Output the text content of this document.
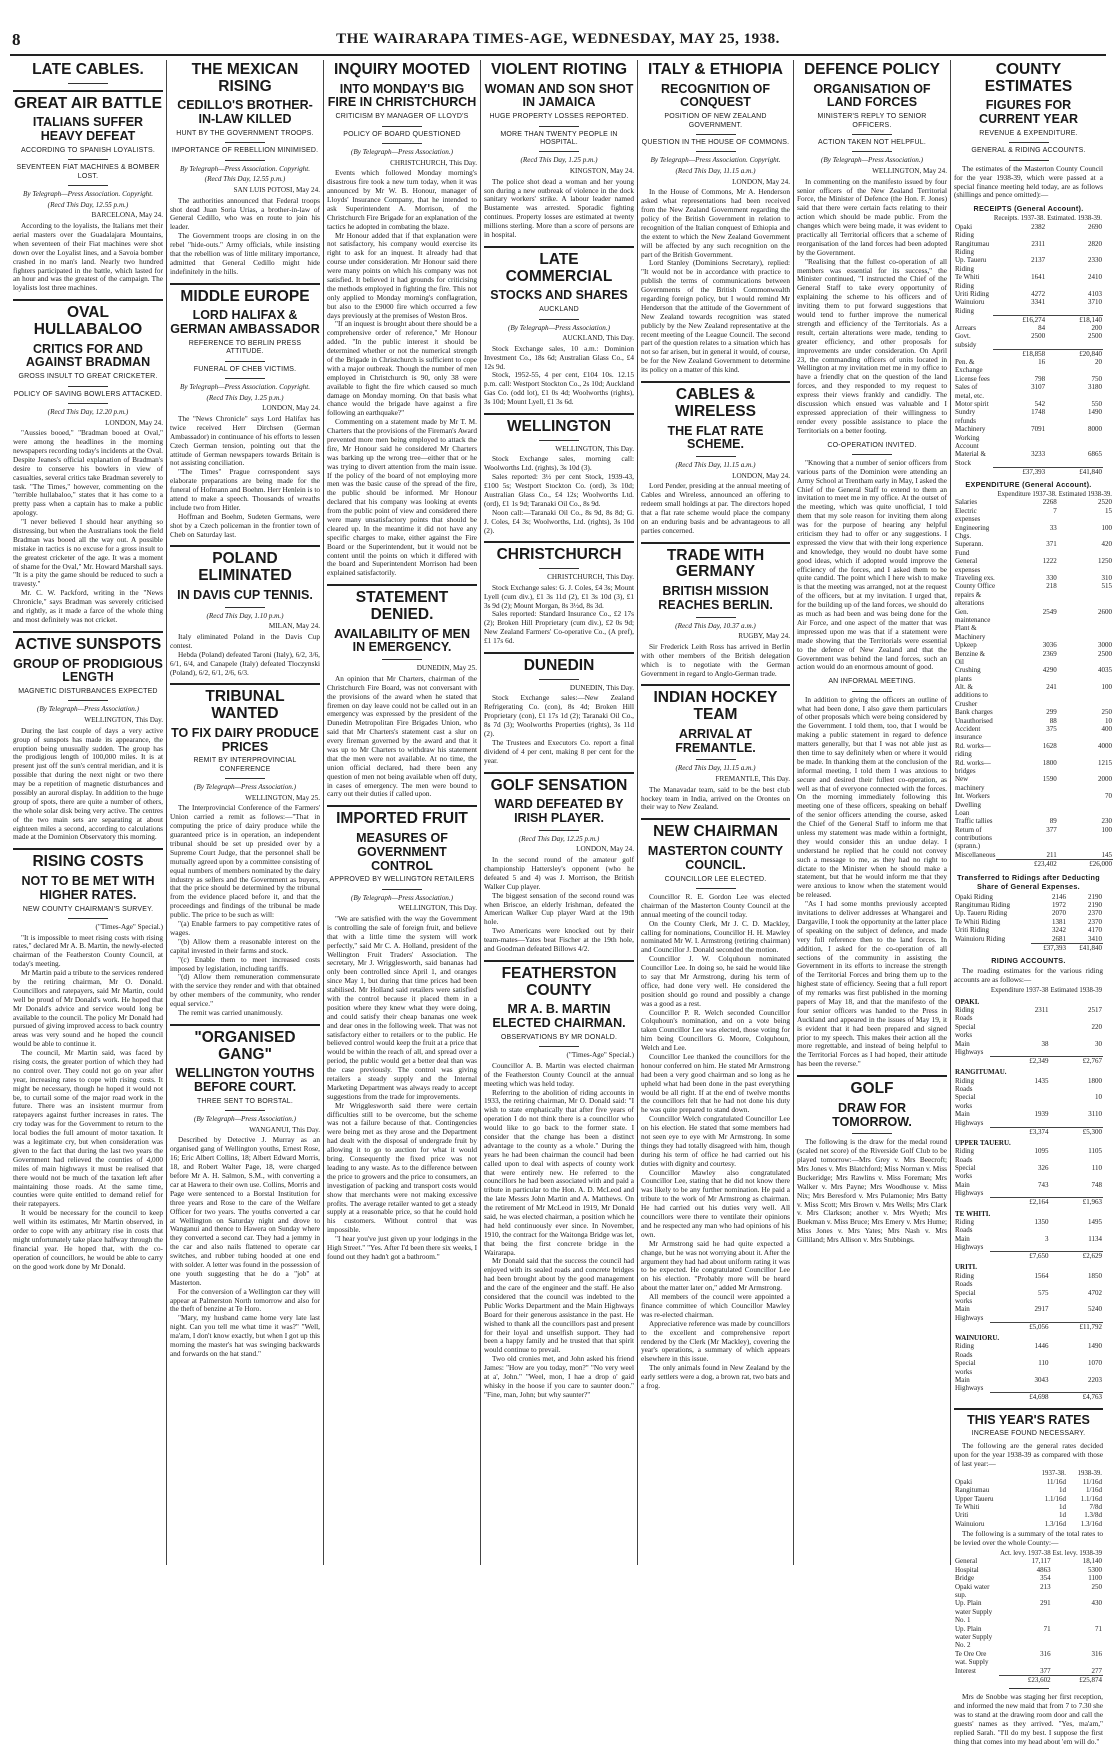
8	THE WAIRARAPA TIMES-AGE, WEDNESDAY, MAY 25, 1938.
LATE CABLES.
GREAT AIR BATTLE
ITALIANS SUFFER HEAVY DEFEAT
ACCORDING TO SPANISH LOYALISTS.
SEVENTEEN FIAT MACHINES & BOMBER LOST.
By Telegraph—Press Association. Copyright.
(Recd This Day, 12.55 p.m.)
BARCELONA, May 24.

According to the loyalists, the Italians met their aerial masters over the Guadalajara Mountains, when seventeen of their Fiat machines were shot down over the Loyalist lines, and a Savoia bomber crashed in no man's land. Nearly two hundred fighters participated in the battle, which lasted for an hour and was the greatest of the campaign. The loyalists lost three machines.

OVAL HULLABALOO
CRITICS FOR AND AGAINST BRADMAN
GROSS INSULT TO GREAT CRICKETER.
POLICY OF SAVING BOWLERS ATTACKED.
(Recd This Day, 12.20 p.m.)
LONDON, May 24.

"Aussies booed," "Bradman booed at Oval," were among the headlines in the morning newspapers recording today's incidents at the Oval. Despite Jeanes's official explanation of Bradman's desire to conserve his bowlers in view of casualties, several critics take Bradman severely to task. "The Times," however, commenting on the "terrible hullabaloo," states that it has come to a pretty pass when a captain has to make a public apology.

"I never believed I should hear anything so distressing, but when the Australians took the field Bradman was booed all the way out. A possible mistake in tactics is no excuse for a gross insult to the greatest cricketer of the age. It was a moment of shame for the Oval," Mr. Howard Marshall says. "It is a pity the game should be reduced to such a travesty."

Mr. C. W. Packford, writing in the "News Chronicle," says Bradman was severely criticised and rightly, as it made a farce of the whole thing and most definitely was not cricket.

ACTIVE SUNSPOTS
GROUP OF PRODIGIOUS LENGTH
MAGNETIC DISTURBANCES EXPECTED
(By Telegraph—Press Association.)
WELLINGTON, This Day.

During the last couple of days a very active group of sunspots has made its appearance, the eruption being unusually sudden. The group has the prodigious length of 100,000 miles. It is at present just off the sun's central meridian, and it is possible that during the next night or two there may be a repetition of magnetic disturbances and possibly an auroral display. In addition to the huge group of spots, there are quite a number of others, the whole solar disk being very active. The centres of the two main sets are separating at about eighteen miles a second, according to calculations made at the Dominion Observatory this morning.

RISING COSTS
NOT TO BE MET WITH HIGHER RATES.
NEW COUNTY CHAIRMAN'S SURVEY.
("Times-Age" Special.)

"It is impossible to meet rising costs with rising rates," declared Mr A. B. Martin, the newly-elected chairman of the Featherston County Council, at today's meeting.

Mr Martin paid a tribute to the services rendered by the retiring chairman, Mr O. Donald. Councillors and ratepayers, said Mr Martin, could well be proud of Mr Donald's work. He hoped that Mr Donald's advice and service would long be available to the council. The policy Mr Donald had pursued of giving improved access to back country areas was very sound and he hoped the council would be able to continue it.

The council, Mr Martin said, was faced by rising costs, the greater portion of which they had no control over. They could not go on year after year, increasing rates to cope with rising costs. It might be necessary, though he hoped it would not be, to curtail some of the major road work in the future. There was an insistent murmur from ratepayers against further increases in rates. The cry today was for the Government to return to the local bodies the full amount of motor taxation. It was a legitimate cry, but when consideration was given to the fact that during the last two years the Government had relieved the counties of 4,000 miles of main highways it must be realised that there would not be much of the taxation left after maintaining those roads. At the same time, counties were quite entitled to demand relief for their ratepayers.

It would be necessary for the council to keep well within its estimates, Mr Martin observed, in order to cope with any arbitrary rise in costs that might unfortunately take place halfway through the financial year. He hoped that, with the co-operation of councillors, he would be able to carry on the good work done by Mr Donald.

THE MEXICAN RISING
CEDILLO'S BROTHER-IN-LAW KILLED
HUNT BY THE GOVERNMENT TROOPS.
IMPORTANCE OF REBELLION MINIMISED.
By Telegraph—Press Association. Copyright.
(Recd This Day, 12.55 p.m.)
SAN LUIS POTOSI, May 24.

The authorities announced that Federal troops shot dead Juan Soria Urias, a brother-in-law of General Cedillo, who was en route to join his leader.

The Government troops are closing in on the rebel "hide-outs." Army officials, while insisting that the rebellion was of little military importance, admitted that General Cedillo might hide indefinitely in the hills.

MIDDLE EUROPE
LORD HALIFAX & GERMAN AMBASSADOR
REFERENCE TO BERLIN PRESS ATTITUDE.
FUNERAL OF CHEB VICTIMS.
By Telegraph—Press Association. Copyright.
(Recd This Day, 1.25 p.m.)
LONDON, May 24.

The "News Chronicle" says Lord Halifax has twice received Herr Dirchsen (German Ambassador) in continuance of his efforts to lessen Czech German tension, pointing out that the attitude of German newspapers towards Britain is not assisting conciliation.

"The Times" Prague correspondent says elaborate preparations are being made for the funeral of Hofmann and Boehm. Herr Henlein is to attend to make a speech. Thousands of wreaths include two from Hitler.

Hoffman and Boehm, Sudeten Germans, were shot by a Czech policeman in the frontier town of Cheb on Saturday last.

POLAND ELIMINATED
IN DAVIS CUP TENNIS.
(Recd This Day, 1.10 p.m.)
MILAN, May 24.

Italy eliminated Poland in the Davis Cup contest.

Hebda (Poland) defeated Taroni (Italy), 6/2, 3/6, 6/1, 6/4, and Canapele (Italy) defeated Tloczynski (Poland), 6/2, 6/1, 2/6, 6/3.

TRIBUNAL WANTED
TO FIX DAIRY PRODUCE PRICES
REMIT BY INTERPROVINCIAL CONFERENCE
(By Telegraph—Press Association.)
WELLINGTON, May 25.

The Interprovincial Conference of the Farmers' Union carried a remit as follows:—"That in computing the price of dairy produce while the guaranteed price is in operation, an independent tribunal should be set up presided over by a Supreme Court Judge, that the personnel shall be mutually agreed upon by a committee consisting of equal numbers of members nominated by the dairy industry as sellers and the Government as buyers, that the price should be determined by the tribunal from the evidence placed before it, and that the proceedings and findings of the tribunal be made public. The price to be such as will:

"(a) Enable farmers to pay competitive rates of wages.

"(b) Allow them a reasonable interest on the capital invested in their farms and stock.

"(c) Enable them to meet increased costs imposed by legislation, including tariffs.

"(d) Allow them remuneration commensurate with the service they render and with that obtained by other members of the community, who render equal service."

The remit was carried unanimously.

"ORGANISED GANG"
WELLINGTON YOUTHS BEFORE COURT.
THREE SENT TO BORSTAL.
(By Telegraph—Press Association.)
WANGANUI, This Day.

Described by Detective J. Murray as an organised gang of Wellington youths, Ernest Rose, 16; Eric Albert Collins, 18; Albert Edward Morris, 18, and Robert Walter Page, 18, were charged before Mr A. H. Salmon, S.M., with converting a car at Hawera to their own use. Collins, Morris and Page were sentenced to a Borstal Institution for three years and Rose to the care of the Welfare Officer for two years. The youths converted a car at Wellington on Saturday night and drove to Wanganui and thence to Hawera on Sunday where they converted a second car. They had a jemmy in the car and also nails flattened to operate car switches, and rubber tubing hooded at one end with solder. A letter was found in the possession of one youth suggesting that he do a "job" at Masterton.

For the conversion of a Wellington car they will appear at Palmerston North tomorrow and also for the theft of benzine at Te Horo.

"Mary, my husband came home very late last night. Can you tell me what time it was?" "Well, ma'am, I don't know exactly, but when I got up this morning the master's hat was swinging backwards and forwards on the hat stand."

INQUIRY MOOTED
INTO MONDAY'S BIG FIRE IN CHRISTCHURCH
CRITICISM BY MANAGER OF LLOYD'S
POLICY OF BOARD QUESTIONED
(By Telegraph—Press Association.)
CHRISTCHURCH, This Day.

Events which followed Monday morning's disastrous fire took a new turn today, when it was announced by Mr W. B. Honour, manager of Lloyds' Insurance Company, that he intended to ask Superintendent A. Morrison, of the Christchurch Fire Brigade for an explanation of the tactics he adopted in combating the blaze.

Mr Honour added that if that explanation were not satisfactory, his company would exercise its right to ask for an inquest. It already had that course under consideration. Mr Honour said there were many points on which his company was not satisfied. It believed it had grounds for criticising the methods employed in fighting the fire. This not only applied to Monday morning's conflagration, but also to the £9000 fire which occurred a few days previously at the premises of Weston Bros.

"If an inquest is brought about there should be a comprehensive order of reference," Mr Honour added. "In the public interest it should be determined whether or not the numerical strength of the Brigade in Christchurch is sufficient to cope with a major outbreak. Though the number of men employed in Christchurch is 90, only 38 were available to fight the fire which caused so much damage on Monday morning. On that basis what chance would the brigade have against a fire following an earthquake?"

Commenting on a statement made by Mr T. M. Charters that the provisions of the Fireman's Award prevented more men being employed to attack the fire, Mr Honour said he considered Mr Charters was barking up the wrong tree—either that or he was trying to divert attention from the main issue. If the policy of the board of not employing more men was the basic cause of the spread of the fire, the public should be informed. Mr Honour declared that his company was looking at events from the public point of view and considered there were many unsatisfactory points that should be cleared up. In the meantime it did not have any specific charges to make, either against the Fire Board or the Superintendent, but it would not be content until the points on which it differed with the board and Superintendent Morrison had been explained satisfactorily.

STATEMENT DENIED.
AVAILABILITY OF MEN IN EMERGENCY.
DUNEDIN, May 25.

An opinion that Mr Charters, chairman of the Christchurch Fire Board, was not conversant with the provisions of the award when he stated that firemen on day leave could not be called out in an emergency was expressed by the president of the Dunedin Metropolitan Fire Brigades Union, who said that Mr Charters's statement cast a slur on every fireman governed by the award and that it was up to Mr Charters to withdraw his statement that the men were not available. At no time, the union official declared, had there been any question of men not being available when off duty, in cases of emergency. The men were bound to carry out their duties if called upon.

IMPORTED FRUIT
MEASURES OF GOVERNMENT CONTROL
APPROVED BY WELLINGTON RETAILERS
(By Telegraph—Press Association.)
WELLINGTON, This Day.

"We are satisfied with the way the Government is controlling the sale of foreign fruit, and believe that with a little time the system will work perfectly," said Mr C. A. Holland, president of the Wellington Fruit Traders' Association. The secretary, Mr J. Wrigglesworth, said bananas had only been controlled since April 1, and oranges since May 1, but during that time prices had been stabilised. Mr Holland said retailers were satisfied with the control because it placed them in a position where they knew what they were doing, and could satisfy their cheap bananas one week and dear ones in the following week. That was not satisfactory either to retailers or to the public. He believed control would keep the fruit at a price that would be within the reach of all, and spread over a period, the public would get a better deal than was the case previously. The control was giving retailers a steady supply and the Internal Marketing Department was always ready to accept suggestions from the trade for improvements.

Mr Wrigglesworth said there were certain difficulties still to be overcome, but the scheme was not a failure because of that. Contingencies were being met as they arose and the Department had dealt with the disposal of undergrade fruit by allowing it to go to auction for what it would bring. Consequently the fixed price was not leading to any waste. As to the difference between the price to growers and the price to consumers, an investigation of packing and transport costs would show that merchants were not making excessive profits. The average retailer wanted to get a steady supply at a reasonable price, so that he could hold his customers. Without control that was impossible.

"I hear you've just given up your lodgings in the High Street." "Yes. After I'd been there six weeks, I found out they hadn't got a bathroom."

VIOLENT RIOTING
WOMAN AND SON SHOT IN JAMAICA
HUGE PROPERTY LOSSES REPORTED.
MORE THAN TWENTY PEOPLE IN HOSPITAL.
(Recd This Day, 1.25 p.m.)
KINGSTON, May 24.

The police shot dead a woman and her young son during a new outbreak of violence in the dock sanitary workers' strike. A labour leader named Bustamente was arrested. Sporadic fighting continues. Property losses are estimated at twenty millions sterling. More than a score of persons are in hospital.

LATE COMMERCIAL
STOCKS AND SHARES
AUCKLAND
(By Telegraph—Press Association.)
AUCKLAND, This Day.

Stock Exchange sales, 10 a.m.: Dominion Investment Co., 18s 6d; Australian Glass Co., £4 12s 9d.

Stock, 1952-55, 4 per cent, £104 10s. 12.15 p.m. call: Westport Stockton Co., 2s 10d; Auckland Gas Co. (odd lot), £1 0s 4d; Woolworths (rights), 3s 10d; Mount Lyell, £1 3s 6d.

WELLINGTON
WELLINGTON, This Day.

Stock Exchange sales, morning call: Woolworths Ltd. (rights), 3s 10d (3).

Sales reported: 3½ per cent Stock, 1939-43, £100 5s; Westport Stockton Co. (ord), 3s 10d; Australian Glass Co., £4 12s; Woolworths Ltd. (ord), £1 1s 9d; Taranaki Oil Co., 8s 9d.

Noon call:—Taranaki Oil Co., 8s 9d, 8s 8d; G. J. Coles, £4 3s; Woolworths, Ltd. (rights), 3s 10d (2).

CHRISTCHURCH
CHRISTCHURCH, This Day.

Stock Exchange sales: G. J. Coles, £4 3s; Mount Lyell (cum div.), £1 3s 11d (2), £1 3s 10d (3), £1 3s 9d (2); Mount Morgan, 8s 3½d, 8s 3d.

Sales reported: Standard Insurance Co., £2 17s (2); Broken Hill Proprietary (cum div.), £2 0s 9d; New Zealand Farmers' Co-operative Co., (A pref), £1 17s 6d.

DUNEDIN
DUNEDIN, This Day.

Stock Exchange sales:—New Zealand Refrigerating Co. (con), 8s 4d; Broken Hill Proprietary (con), £1 17s 1d (2); Taranaki Oil Co., 8s 7d (3); Woolworths Properties (rights), 3s 11d (2).

The Trustees and Executors Co. report a final dividend of 4 per cent, making 8 per cent for the year.

GOLF SENSATION
WARD DEFEATED BY IRISH PLAYER.
(Recd This Day, 12.25 p.m.)
LONDON, May 24.

In the second round of the amateur golf championship Hattersley's opponent (who he defeated 5 and 4) was J. Morrison, the British Walker Cup player.

The biggest sensation of the second round was when Briscoe, an elderly Irishman, defeated the American Walker Cup player Ward at the 19th hole.

Two Americans were knocked out by their team-mates—Yates beat Fischer at the 19th hole, and Goodman defeated Billows 4/2.

FEATHERSTON COUNTY
MR A. B. MARTIN ELECTED CHAIRMAN.
OBSERVATIONS BY MR DONALD.
("Times-Age" Special.)

Councillor A. B. Martin was elected chairman of the Featherston County Council at the annual meeting which was held today.

Referring to the abolition of riding accounts in 1933, the retiring chairman, Mr O. Donald said: "I wish to state emphatically that after five years of operation I do not think there is a councillor who would like to go back to the former state. I consider that the change has been a distinct advantage to the county as a whole." During the years he had been chairman the council had been called upon to deal with aspects of county work that were entirely new. He referred to the councillors he had been associated with and paid a tribute in particular to the Hon. A. D. McLeod and the late Messrs John Martin and A. Matthews. On the retirement of Mr McLeod in 1919, Mr Donald said, he was elected chairman, a position which he had held continuously ever since. In November, 1910, the contract for the Waitonga Bridge was let, that being the first concrete bridge in the Wairarapa.

Mr Donald said that the success the council had enjoyed with its sealed roads and concrete bridges had been brought about by the good management and the care of the engineer and the staff. He also considered that the council was indebted to the Public Works Department and the Main Highways Board for their generous assistance in the past. He wished to thank all the councillors past and present for their loyal and unselfish support. They had been a happy family and he trusted that that spirit would continue to prevail.

Two old cronies met, and John asked his friend James: "How are you today, mon?" "No very weel at a', John." "Weel, mon, I hae a drop o' gaid whisky in the hoose if you care to saunter doon." "Fine, man, John; but why saunter?"

ITALY & ETHIOPIA
RECOGNITION OF CONQUEST
POSITION OF NEW ZEALAND GOVERNMENT.
QUESTION IN THE HOUSE OF COMMONS.
By Telegraph—Press Association. Copyright.
(Recd This Day, 11.15 a.m.)
LONDON, May 24.

In the House of Commons, Mr A. Henderson asked what representations had been received from the New Zealand Government regarding the policy of the British Government in relation to recognition of the Italian conquest of Ethiopia and the extent to which the New Zealand Government will be affected by any such recognition on the part of the British Government.

Lord Stanley (Dominions Secretary), replied: "It would not be in accordance with practice to publish the terms of communications between Governments of the British Commonwealth regarding foreign policy, but I would remind Mr Henderson that the attitude of the Government of New Zealand towards recognition was stated publicly by the New Zealand representative at the recent meeting of the League Council. The second part of the question relates to a situation which has not so far arisen, but in general it would, of course, be for the New Zealand Government to determine its policy on a matter of this kind.

CABLES & WIRELESS
THE FLAT RATE SCHEME.
(Recd This Day, 11.15 a.m.)
LONDON, May 24.

Lord Pender, presiding at the annual meeting of Cables and Wireless, announced an offering to redeem small holdings at par. The directors hoped that a flat rate scheme would place the company on an enduring basis and be advantageous to all parties concerned.

TRADE WITH GERMANY
BRITISH MISSION REACHES BERLIN.
(Recd This Day, 10.37 a.m.)
RUGBY, May 24.

Sir Frederick Leith Ross has arrived in Berlin with other members of the British delegation which is to negotiate with the German Government in regard to Anglo-German trade.

INDIAN HOCKEY TEAM
ARRIVAL AT FREMANTLE.
(Recd This Day, 11.15 a.m.)
FREMANTLE, This Day.

The Manavadar team, said to be the best club hockey team in India, arrived on the Orontes on their way to New Zealand.

NEW CHAIRMAN
MASTERTON COUNTY COUNCIL.
COUNCILLOR LEE ELECTED.

Councillor R. E. Gordon Lee was elected chairman of the Masterton County Council at the annual meeting of the council today.

On the County Clerk, Mr J. C. D. Mackley, calling for nominations, Councillor H. H. Mawley nominated Mr W. I. Armstrong (retiring chairman) and Councillor J. Donald seconded the motion.

Councillor J. W. Colquhoun nominated Councillor Lee. In doing so, he said he would like to say that Mr Armstrong, during his term of office, had done very well. He considered the position should go round and possibly a change was a good as a rest.

Councillor P. R. Welch seconded Councillor Colquhoun's nomination, and on a vote being taken Councillor Lee was elected, those voting for him being Councillors G. Moore, Colquhoun, Welch and Lee.

Councillor Lee thanked the councillors for the honour conferred on him. He stated Mr Armstrong had been a very good chairman and so long as he upheld what had been done in the past everything would be all right. If at the end of twelve months the councillors felt that he had not done his duty he was quite prepared to stand down.

Councillor Welch congratulated Councillor Lee on his election. He stated that some members had not seen eye to eye with Mr Armstrong. In some things they had totally disagreed with him, though during his term of office he had carried out his duties with dignity and courtesy.

Councillor Mawley also congratulated Councillor Lee, stating that he did not know there was likely to be any further nomination. He paid a tribute to the work of Mr Armstrong as chairman. He had carried out his duties very well. All councillors were there to ventilate their opinions and he respected any man who had opinions of his own.

Mr Armstrong said he had quite expected a change, but he was not worrying about it. After the argument they had had about uniform rating it was to be expected. He congratulated Councillor Lee on his election. "Probably more will be heard about the matter later on," added Mr Armstrong.

All members of the council were appointed a finance committee of which Councillor Mawley was re-elected chairman.

Appreciative reference was made by councillors to the excellent and comprehensive report rendered by the Clerk (Mr Mackley), covering the year's operations, a summary of which appears elsewhere in this issue.

The only animals found in New Zealand by the early settlers were a dog, a brown rat, two bats and a frog.

DEFENCE POLICY
ORGANISATION OF LAND FORCES
MINISTER'S REPLY TO SENIOR OFFICERS.
ACTION TAKEN NOT HELPFUL.
(By Telegraph—Press Association.)
WELLINGTON, May 24.

In commenting on the manifesto issued by four senior officers of the New Zealand Territorial Force, the Minister of Defence (the Hon. F. Jones) said that there were certain facts relating to their action which should be made public. From the changes which were being made, it was evident to practically all Territorial officers that a scheme of reorganisation of the land forces had been adopted by the Government.

"Realising that the fullest co-operation of all members was essential for its success," the Minister continued, "I instructed the Chief of the General Staff to take every opportunity of explaining the scheme to his officers and of inviting them to put forward suggestions that would tend to further improve the numerical strength and efficiency of the Territorials. As a result, certain alterations were made, tending to greater efficiency, and other proposals for improvements are under consideration. On April 23, the commanding officers of units located in Wellington at my invitation met me in my office to have a friendly chat on the question of the land forces, and they responded to my request to express their views frankly and candidly. The discussion which ensued was valuable and I expressed appreciation of their willingness to render every possible assistance to place the Territorials on a better footing.

CO-OPERATION INVITED.

"Knowing that a number of senior officers from various parts of the Dominion were attending an Army School at Trentham early in May, I asked the Chief of the General Staff to extend to them an invitation to meet me in my office. At the outset of the meeting, which was quite unofficial, I told them that my sole reason for inviting them along was for the purpose of hearing any helpful criticism they had to offer or any suggestions. I expressed the view that with their long experience and knowledge, they would no doubt have some good ideas, which if adopted would improve the efficiency of the forces, and I asked them to be quite candid. The point which I here wish to make is that the meeting was arranged, not at the request of the officers, but at my invitation. I urged that, for the building up of the land forces, we should do as much as had been and was being done for the Air Force, and one aspect of the matter that was impressed upon me was that if a statement were made showing that the Territorials were essential to the defence of New Zealand and that the Government was behind the land forces, such an action would do an enormous amount of good.

AN INFORMAL MEETING.

In addition to giving the officers an outline of what had been done, I also gave them particulars of other proposals which were being considered by the Government. I told them, too, that I would be making a public statement in regard to defence matters generally, but that I was not able just as then time to say definitely when or where it would be made. In thanking them at the conclusion of the informal meeting, I told them I was anxious to secure and desired their fullest co-operation, as well as that of everyone connected with the forces. On the morning immediately following this meeting one of these officers, speaking on behalf of the senior officers attending the course, asked the Chief of the General Staff to inform me that unless my statement was made within a fortnight, they would consider this an undue delay. I understand he replied that he could not convey such a message to me, as they had no right to dictate to the Minister when he should make a statement, but that he would inform me that they were anxious to know when the statement would be released.

"As I had some months previously accepted invitations to deliver addresses at Whangarei and Dargaville, I took the opportunity at the latter place of speaking on the subject of defence, and made very full reference then to the land forces. In addition, I asked for the co-operation of all sections of the community in assisting the Government in its efforts to increase the strength of the Territorial Forces and bring them up to the highest state of efficiency. Seeing that a full report of my remarks was first published in the morning papers of May 18, and that the manifesto of the four senior officers was handed to the Press in Auckland and appeared in the issues of May 19, it is evident that it had been prepared and signed prior to my speech. This makes their action all the more regrettable, and instead of being helpful to the Territorial Forces as I had hoped, their attitude has been the reverse."

GOLF
DRAW FOR TOMORROW.

The following is the draw for the medal round (scaled net score) of the Riverside Golf Club to be played tomorrow:—Mrs Grey v. Mrs Beecroft; Mrs Jones v. Mrs Blatchford; Miss Norman v. Miss Buckeridge; Mrs Rawlins v. Miss Foreman; Mrs Walker v. Mrs Payne; Mrs Woodhouse v. Miss Nix; Mrs Beresford v. Mrs Pulamonie; Mrs Batty v. Miss Scott; Mrs Brown v. Mrs Wells; Mrs Clark v. Mrs Clarkson; another v. Mrs Wyeth; Mrs Buekman v. Miss Bruce; Mrs Emery v. Mrs Hume; Miss Jones v. Mrs Yates; Mrs Nash v. Mrs Gilliland; Mrs Allison v. Mrs Stubbings.

COUNTY ESTIMATES
FIGURES FOR CURRENT YEAR
REVENUE & EXPENDITURE.
GENERAL & RIDING ACCOUNTS.

The estimates of the Masterton County Council for the year 1938-39, which were passed at a special finance meeting held today, are as follows (shillings and pence omitted):—

RECEIPTS (General Account).
	Receipts. 1937-38.	Estimated. 1938-39.
Opaki Riding	2382	2690
Rangitumau Riding	2311	2820
Up. Taueru Riding	2137	2330
Te Whiti Riding	1641	2410
Uriti Riding	4272	4103
Wainuioru Riding	3341	3710
	£16,274	£18,140
Arrears	84	200
Govt. subsidy	2500	2500
	£18,858	£20,840
Pen. & Exchange	16	20
License fees	798	750
Sales of metal, etc.	3107	3180
Motor spirit	542	550
Sundry refunds	1748	1490
Machinery Working Account	7091	8000
Material & Stock	3233	6865
	£37,393	£41,840
EXPENDITURE (General Account).
	Expenditure 1937-38.	Estimated 1938-39.
Salaries	2268	2520
Electric expenses	7	15
Engineering Chgs.	33	100
Superann. Fund	371	420
General expenses	1222	1250
Traveling exs.	330	310
County Office repairs & alterations	218	515
Gen. maintenance Plant & Machinery	2549	2600
Upkeep	3036	3000
Benzine & Oil	2369	2500
Crushing plants	4290	4035
Alt. & additions to Crusher	241	100
Bank charges	299	250
Unauthorised	88	10
Accident insurance	375	400
Rd. works—riding	1628	4000
Rd. works—bridges	1800	1215
New machinery	1590	2000
Int. Workers Dwelling Loan		70
Traffic tallies	89	230
Return of contributions (sprann.)	377	100
Miscellaneous	211	145
	£23,402	£26,000
Transferred to Ridings after Deducting Share of General Expenses.
Opaki Riding	2146	2190
Rangitumau Riding	1972	2190
Up. Taueru Riding	2070	2370
Te Whiti Riding	1381	2370
Uriti Riding	3242	4170
Wainuioru Riding	2681	3410
	£37,393	£41,840
RIDING ACCOUNTS.

The roading estimates for the various riding accounts are as follows:—

	Expenditure 1937-38	Estimated 1938-39
OPAKI.		
Riding Roads	2311	2517
Special works		220
Main Highways	38	30
	£2,349	£2,767
RANGITUMAU.		
Riding Roads	1435	1800
Special works		10
Main Highways	1939	3110
	£3,374	£5,300
UPPER TAUERU.		
Riding Roads	1095	1105
Special works	326	110
Main Highways	743	748
	£2,164	£1,963
TE WHITI.		
Riding Roads	1350	1495
Main Highways	3	1134
	£7,650	£2,629
URITI.		
Riding Roads	1564	1850
Special works	575	4702
Main Highways	2917	5240
	£5,056	£11,792
WAINUIORU.		
Riding Roads	1446	1490
Special works	110	1070
Main Highways	3043	2203
	£4,698	£4,763
THIS YEAR'S RATES
INCREASE FOUND NECESSARY.

The following are the general rates decided upon for the year 1938-39 as compared with those of last year:—

	1937-38.	1938-39.
Opaki	11/16d	11/16d
Rangitumau	1d	1/16d
Upper Taueru	1.1/16d	1.1/16d
Te Whiti	1d	7/8d
Uriti	1d	1.3/8d
Wainuioru	1.3/16d	1.3/16d

The following is a summary of the total rates to be levied over the whole County:—

	Act. levy. 1937-38	Est. levy. 1938-39
General	17,117	18,140
Hospital	4863	5300
Bridge	354	1100
Opaki water sup.	213	250
Up. Plain water Supply No. 1	291	430
Up. Plain water Supply No. 2	71	71
Te Ore Ore wat. Supply	316	316
Interest	377	277
	£23,602	£25,874

Mrs de Snobbe was staging her first reception, and informed the new maid that from 7 to 7.30 she was to stand at the drawing room door and call the guests' names as they arrived. "Yes, ma'am," replied Sarah. "I'll do my best. I suppose the first thing that comes into my head about 'em will do."
